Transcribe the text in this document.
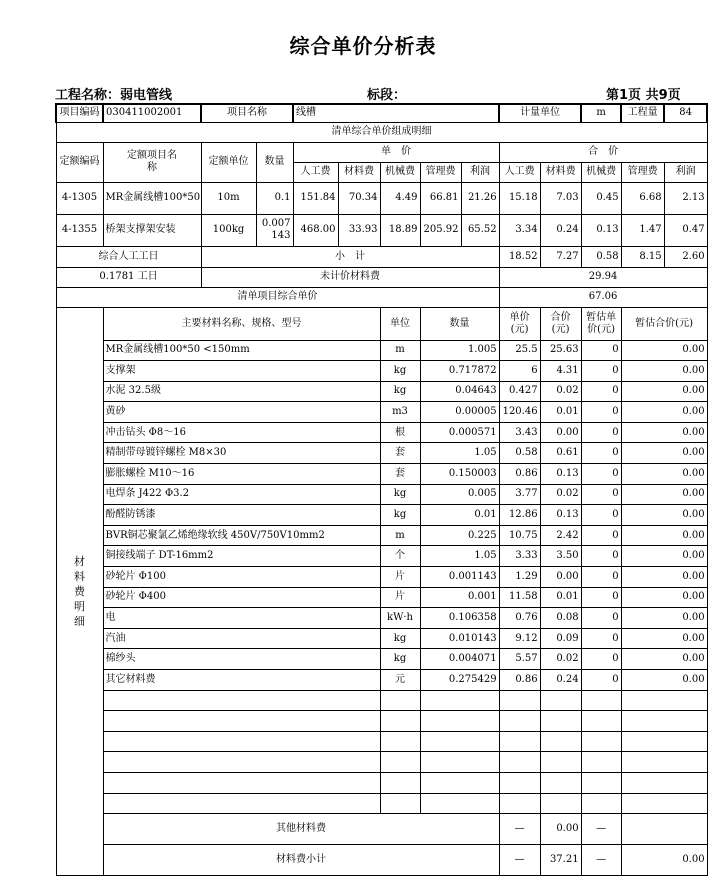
综合单价分析表
工程名称：弱电管线	标段：	第1页 共9页
项目编码	030411002001	项目名称		线槽					计量单位		m	工程量	84
清单综合单价组成明细													
定额编码	定额项目名称	定额单位	数量	单　价					合　价				
				人工费	材料费	机械费	管理费	利润	人工费	材料费	机械费	管理费	利润
4-1305	MR金属线槽100*50	10m	0.1	151.84	70.34	4.49	66.81	21.26	15.18	7.03	0.45	6.68	2.13
4-1355	桥架支撑架安装	100kg	0.007143	468.00	33.93	18.89	205.92	65.52	3.34	0.24	0.13	1.47	0.47
综合人工工日		小　计							18.52	7.27	0.58	8.15	2.60
0.1781 工日		未计价材料费							29.94				
清单项目综合单价									67.06				
材
料
费
明
细	主要材料名称、规格、型号					单位	数量		单价(元)	合价(元)	暂估单价(元)	暂估合价(元)	
	MR金属线槽100*50 <150mm					m	1.005		25.5	25.63	0	0.00	
	支撑架					kg	0.717872		6	4.31	0	0.00	
	水泥 32.5级					kg	0.04643		0.427	0.02	0	0.00	
	黄砂					m3	0.00005		120.46	0.01	0	0.00	
	冲击钻头 Φ8～16					根	0.000571		3.43	0.00	0	0.00	
	精制带母镀锌螺栓 M8×30					套	1.05		0.58	0.61	0	0.00	
	膨胀螺栓 M10～16					套	0.150003		0.86	0.13	0	0.00	
	电焊条 J422 Φ3.2					kg	0.005		3.77	0.02	0	0.00	
	酚醛防锈漆					kg	0.01		12.86	0.13	0	0.00	
	BVR铜芯聚氯乙烯绝缘软线 450V/750V10mm2					m	0.225		10.75	2.42	0	0.00	
	铜接线端子 DT-16mm2					个	1.05		3.33	3.50	0	0.00	
	砂轮片 Φ100					片	0.001143		1.29	0.00	0	0.00	
	砂轮片 Φ400					片	0.001		11.58	0.01	0	0.00	
	电					kW·h	0.106358		0.76	0.08	0	0.00	
	汽油					kg	0.010143		9.12	0.09	0	0.00	
	棉纱头					kg	0.004071		5.57	0.02	0	0.00	
	其它材料费					元	0.275429		0.86	0.24	0	0.00	

	其他材料费								—	0.00	—		
	材料费小计								—	37.21	—	0.00	
